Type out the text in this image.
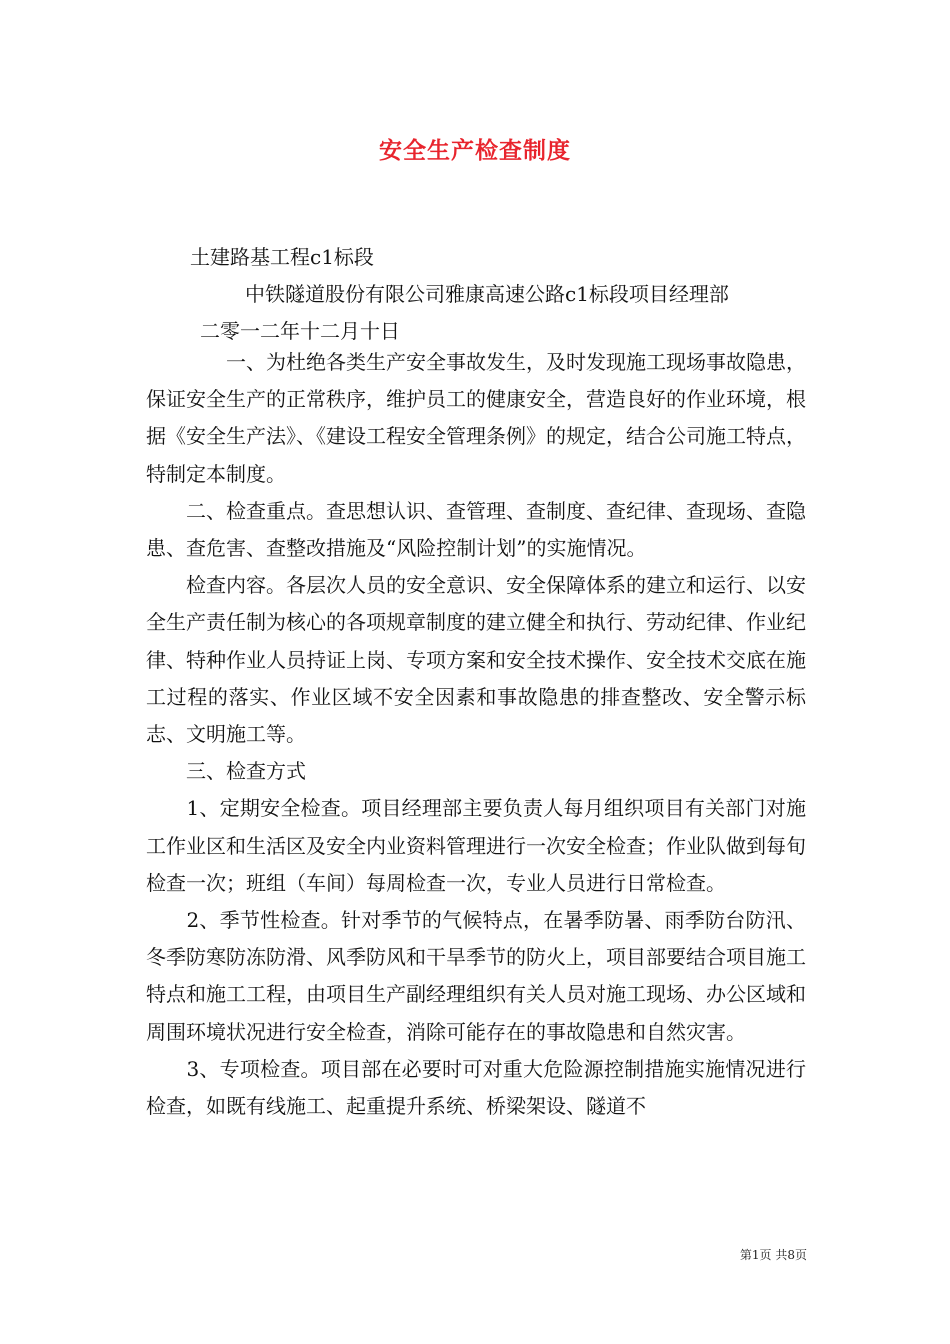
安全生产检查制度
土建路基工程c1标段
中铁隧道股份有限公司雅康高速公路c1标段项目经理部
二零一二年十二月十日

　　　　一、为杜绝各类生产安全事故发生，及时发现施工现场事故隐患，保证安全生产的正常秩序，维护员工的健康安全，营造良好的作业环境，根据《安全生产法》、《建设工程安全管理条例》的规定，结合公司施工特点，特制定本制度。

　　二、检查重点。查思想认识、查管理、查制度、查纪律、查现场、查隐患、查危害、查整改措施及“风险控制计划”的实施情况。

　　检查内容。各层次人员的安全意识、安全保障体系的建立和运行、以安全生产责任制为核心的各项规章制度的建立健全和执行、劳动纪律、作业纪律、特种作业人员持证上岗、专项方案和安全技术操作、安全技术交底在施工过程的落实、作业区域不安全因素和事故隐患的排查整改、安全警示标志、文明施工等。

　　三、检查方式

　　1、定期安全检查。项目经理部主要负责人每月组织项目有关部门对施工作业区和生活区及安全内业资料管理进行一次安全检查；作业队做到每旬检查一次；班组（车间）每周检查一次，专业人员进行日常检查。

　　2、季节性检查。针对季节的气候特点，在暑季防暑、雨季防台防汛、冬季防寒防冻防滑、风季防风和干旱季节的防火上，项目部要结合项目施工特点和施工工程，由项目生产副经理组织有关人员对施工现场、办公区域和周围环境状况进行安全检查，消除可能存在的事故隐患和自然灾害。

　　3、专项检查。项目部在必要时可对重大危险源控制措施实施情况进行检查，如既有线施工、起重提升系统、桥梁架设、隧道不

第1页 共8页
